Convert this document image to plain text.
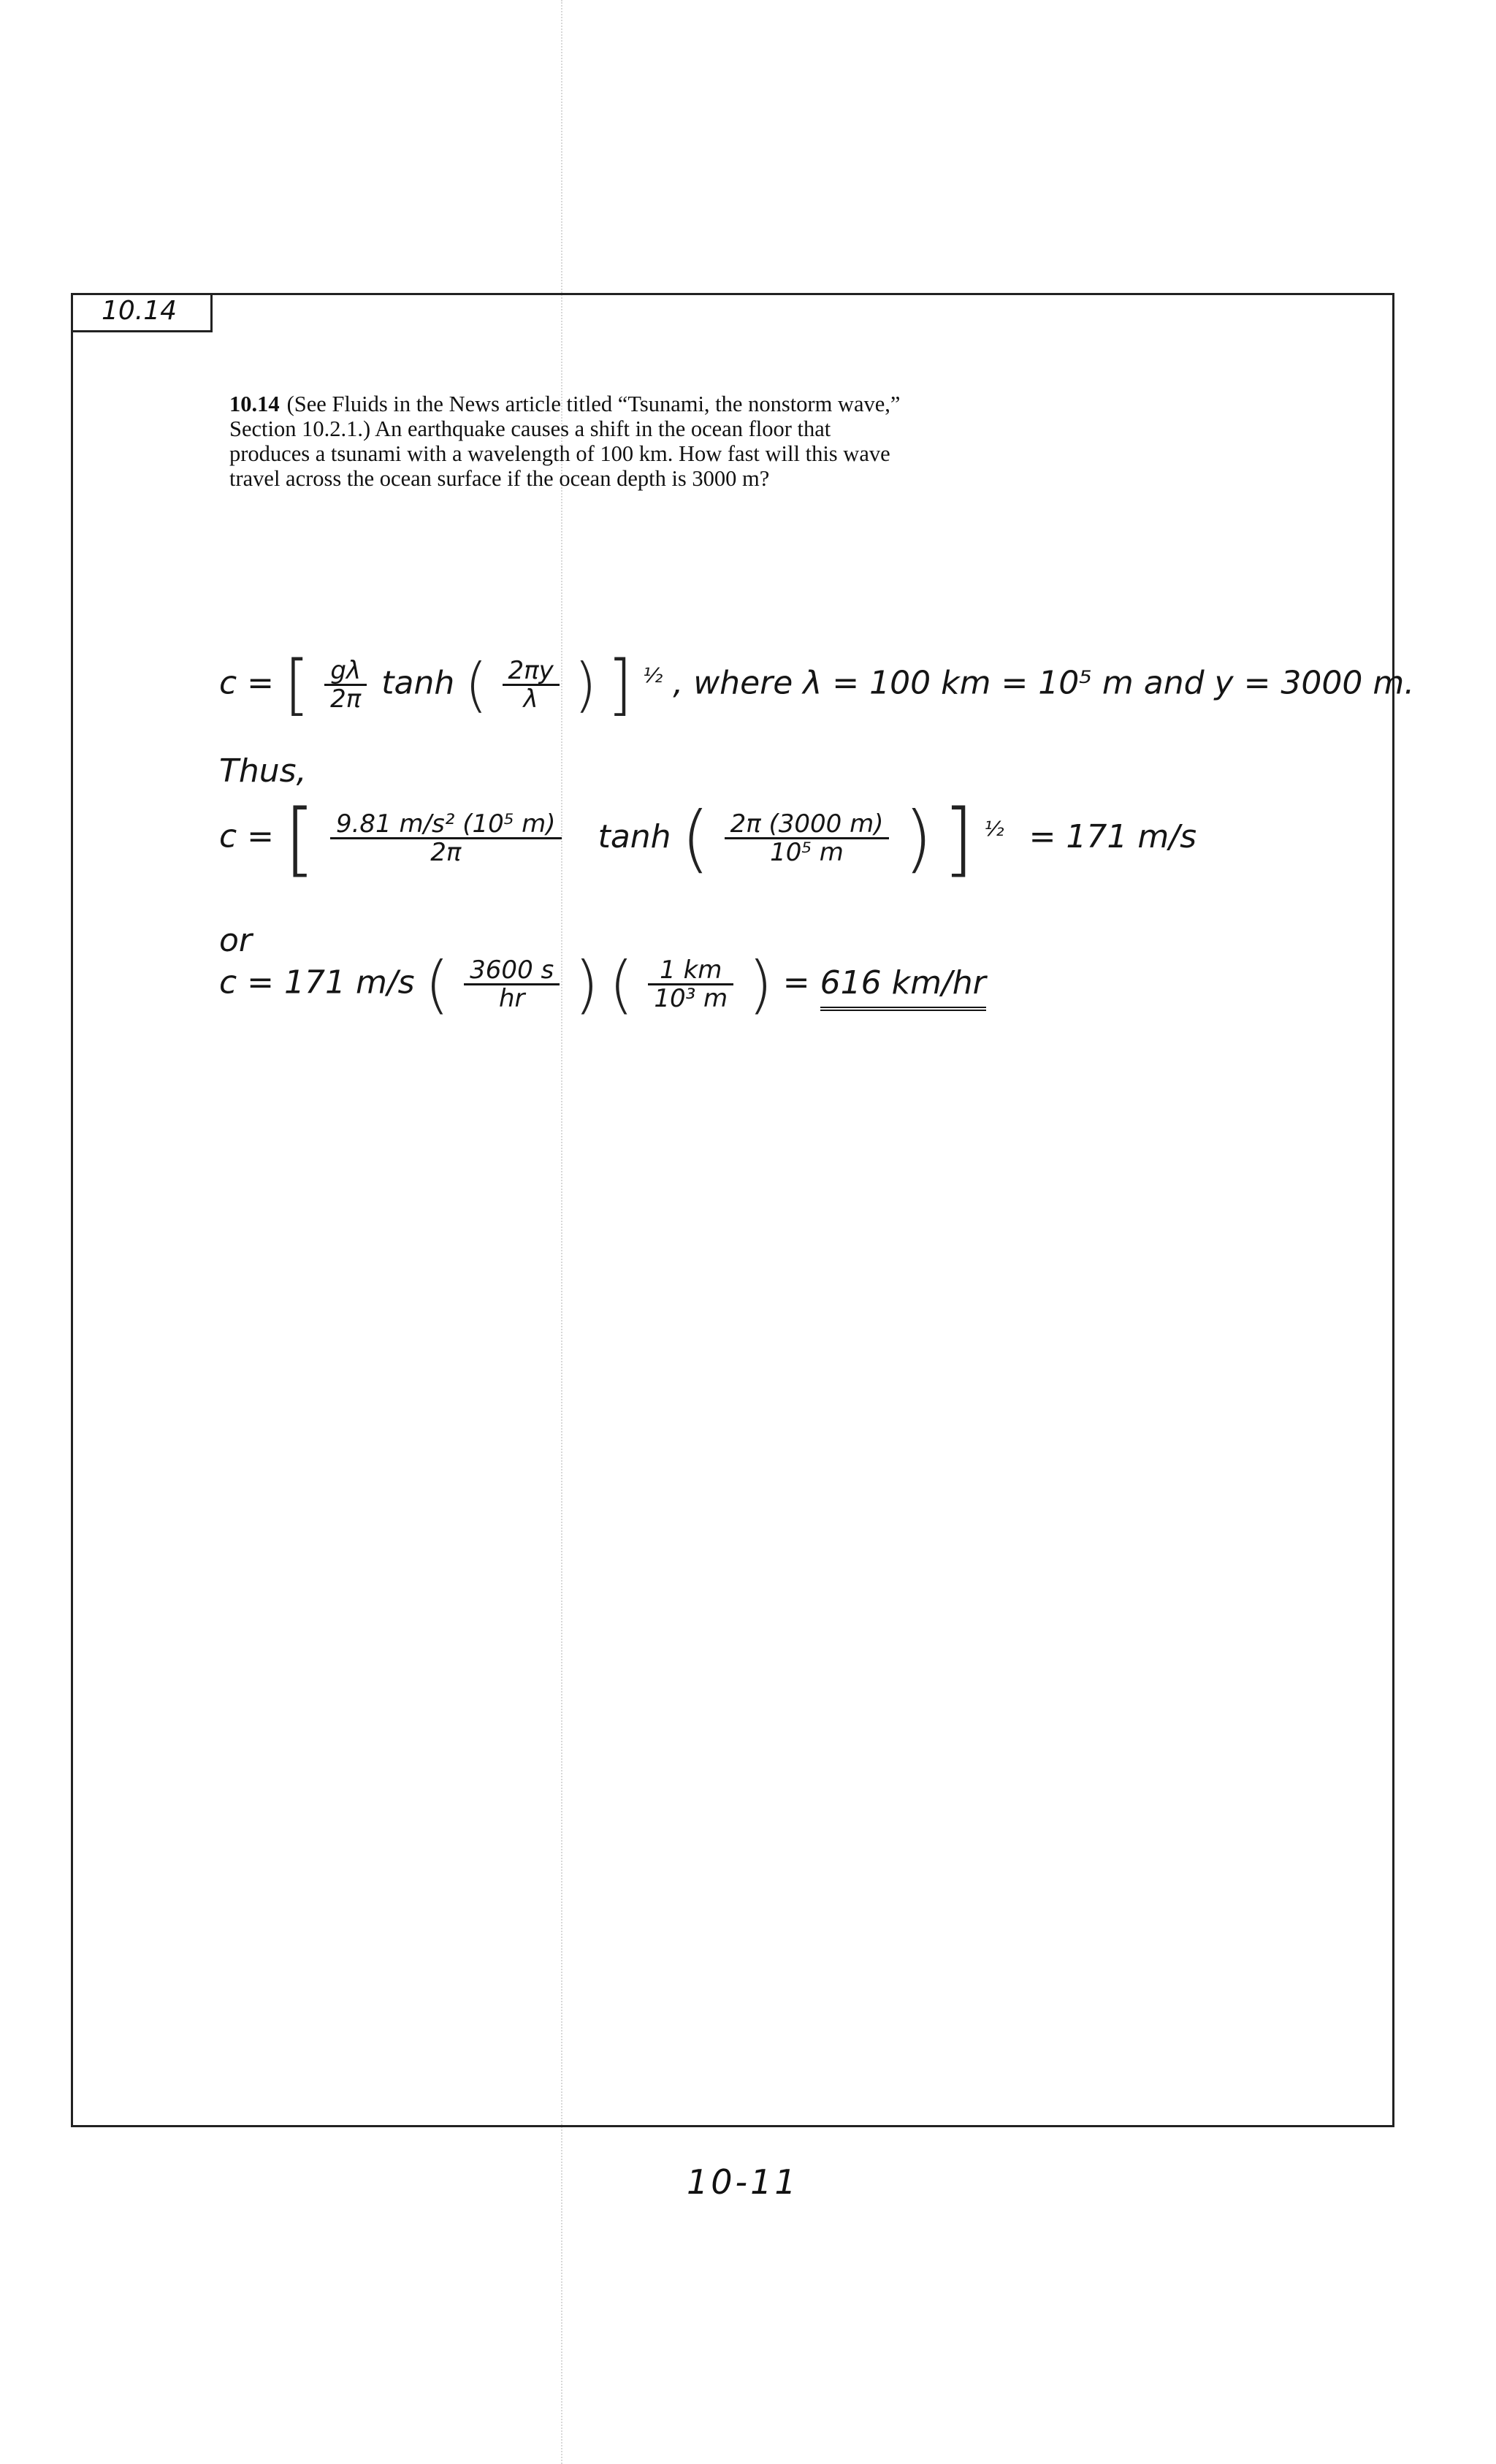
10.14
10.14 (See Fluids in the News article titled “Tsunami, the nonstorm wave,” Section 10.2.1.) An earthquake causes a shift in the ocean floor that produces a tsunami with a wavelength of 100 km. How fast will this wave travel across the ocean surface if the ocean depth is 3000 m?
c = [ $\frac{g\lambda}{2\pi}$ tanh ( $\frac{2\pi y}{\lambda}$ ) ] $^{\frac{1}{2}}$ , where λ = 100 km = 10⁵ m and y = 3000 m.
Thus,
c = [ $\frac{\text{9.81 m/s² (10⁵ m)}}{2\pi}$ tanh ( $\frac{2\pi (3000 m)}{\text{10⁵ m}}$ ) ] $^{\frac{1}{2}}$ = 171 m/s
or
c = 171 m/s ( $\frac{3600 s}{hr}$ ) ( $\frac{1 km}{\text{10³ m}}$ ) = 616 km/hr
10-11
